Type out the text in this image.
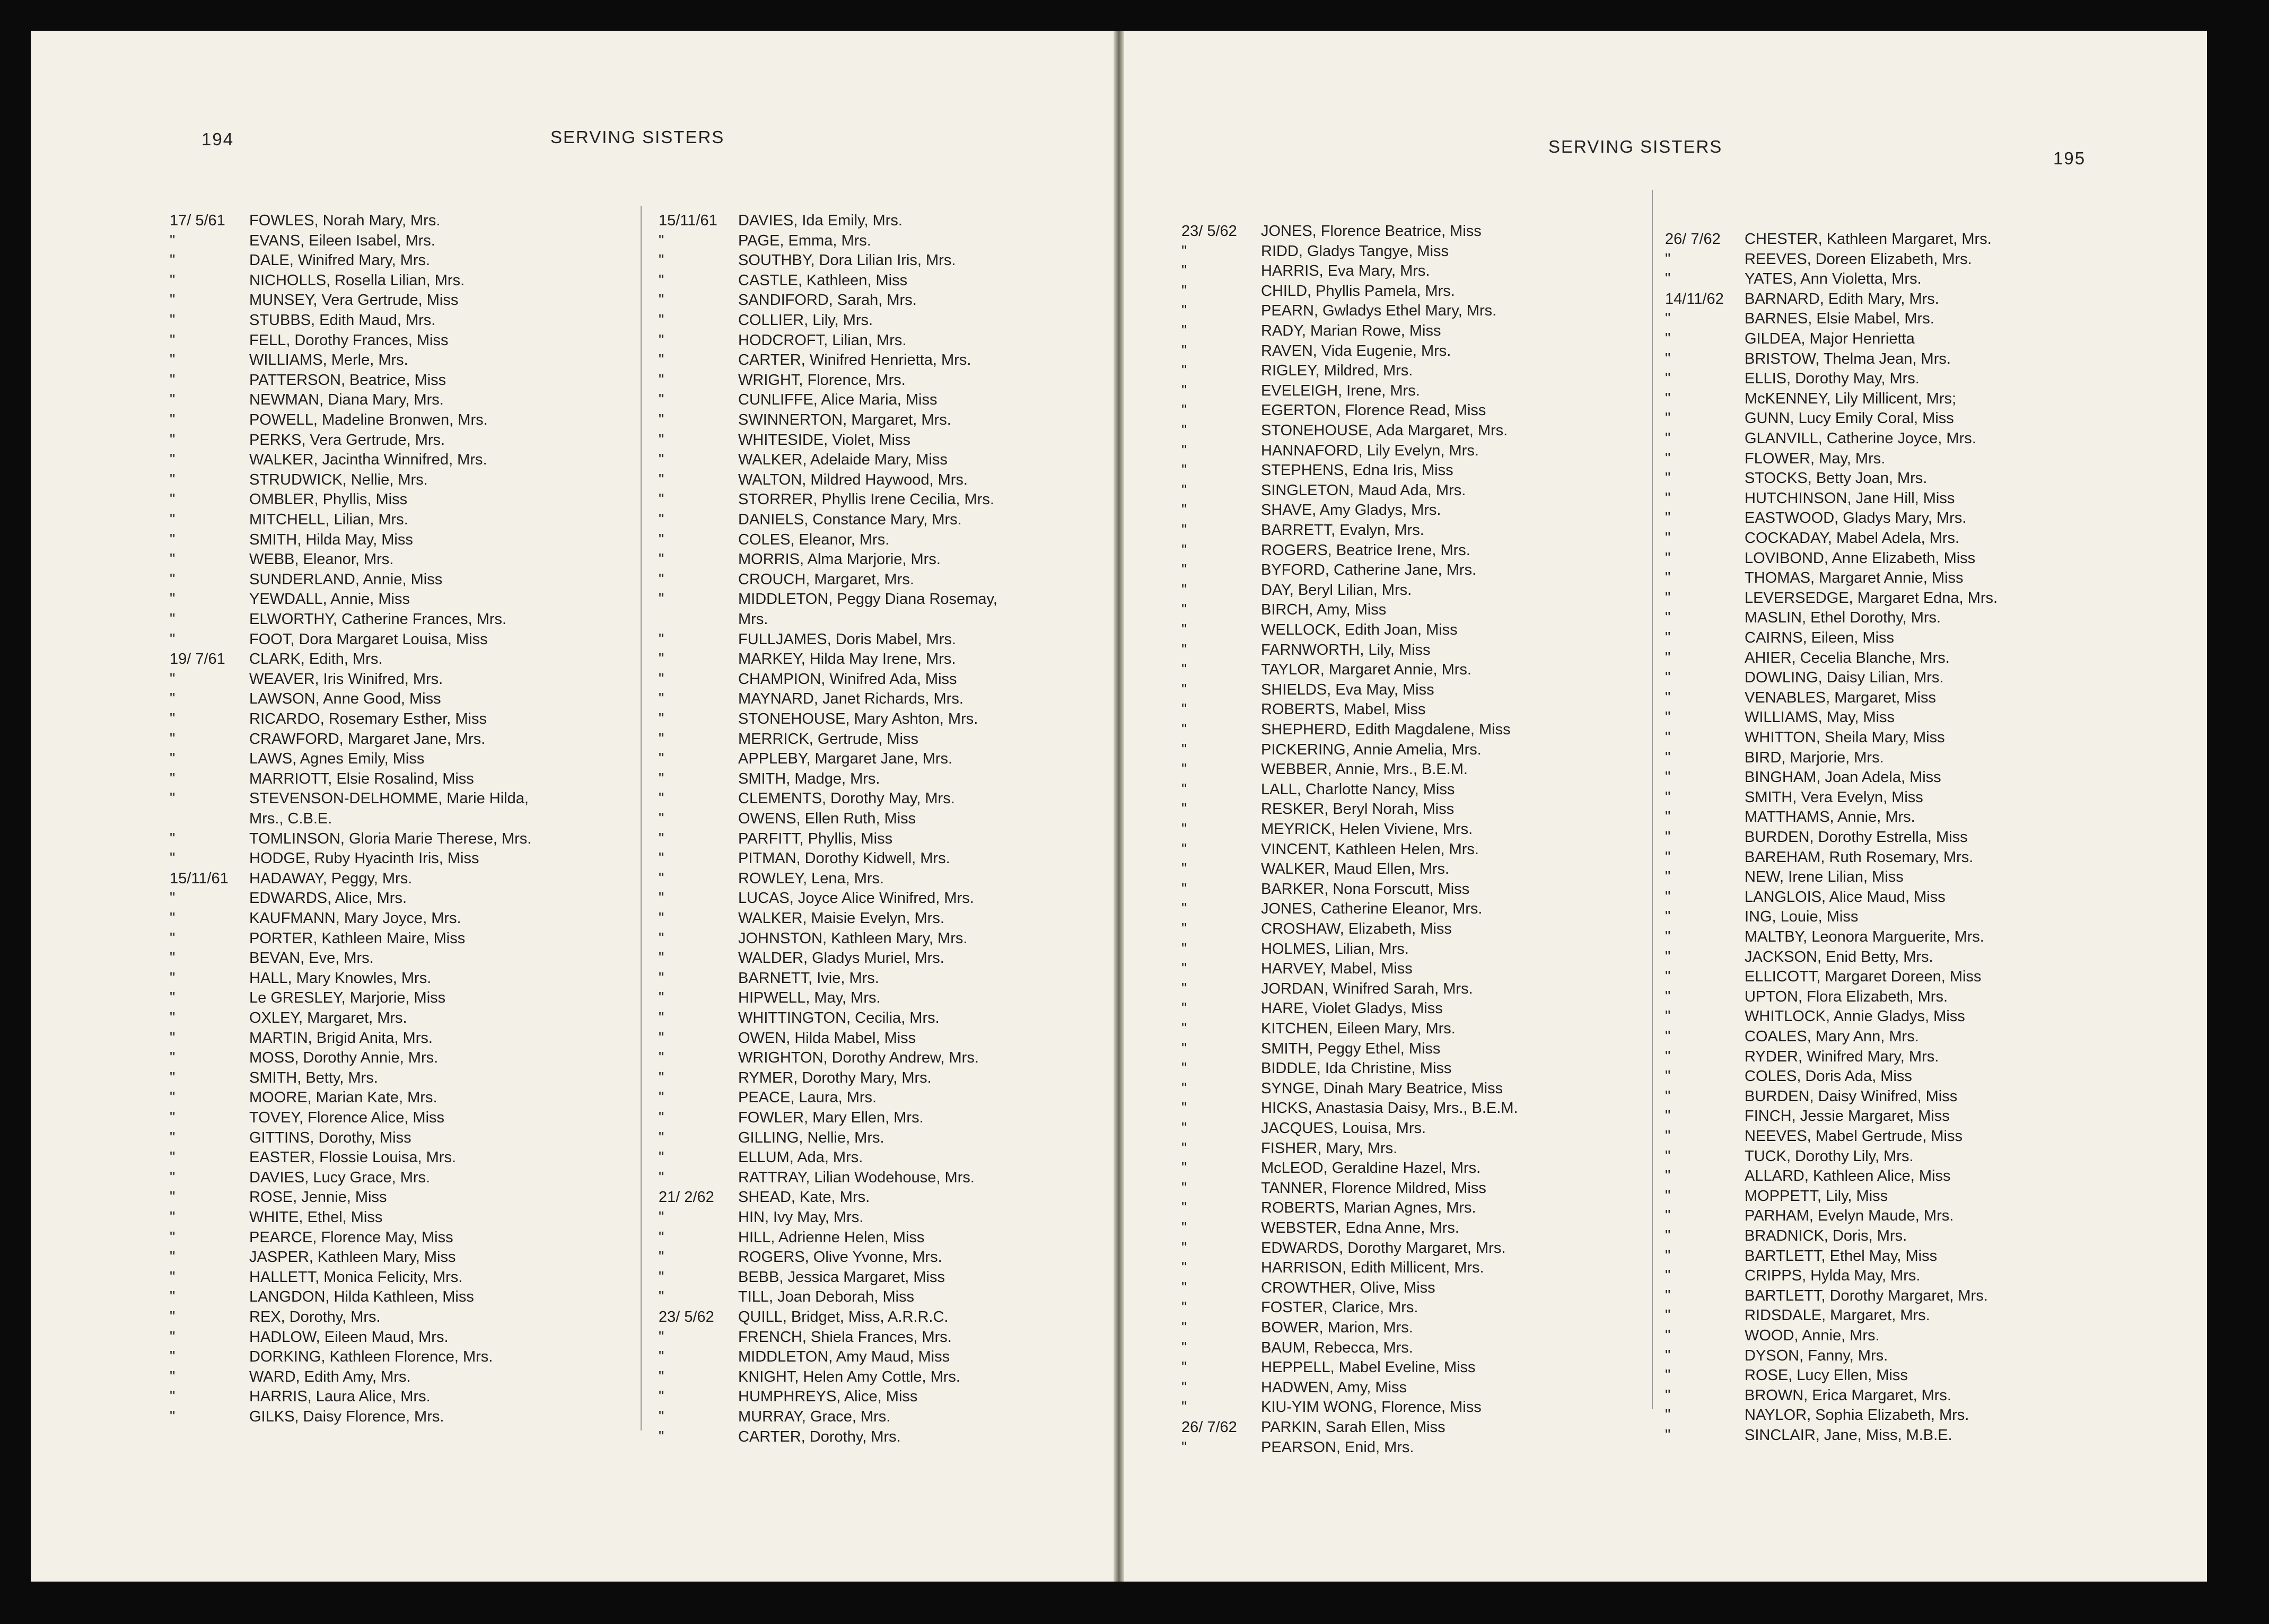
194	SERVING SISTERS
17/ 5/61 FOWLES, Norah Mary, Mrs.
"	EVANS, Eileen Isabel, Mrs.
"	DALE, Winifred Mary, Mrs.
"	NICHOLLS, Rosella Lilian, Mrs.
"	MUNSEY, Vera Gertrude, Miss
"	STUBBS, Edith Maud, Mrs.
"	FELL, Dorothy Frances, Miss
"	WILLIAMS, Merle, Mrs.
"	PATTERSON, Beatrice, Miss
"	NEWMAN, Diana Mary, Mrs.
"	POWELL, Madeline Bronwen, Mrs.
"	PERKS, Vera Gertrude, Mrs.
"	WALKER, Jacintha Winnifred, Mrs.
"	STRUDWICK, Nellie, Mrs.
"	OMBLER, Phyllis, Miss
"	MITCHELL, Lilian, Mrs.
"	SMITH, Hilda May, Miss
"	WEBB, Eleanor, Mrs.
"	SUNDERLAND, Annie, Miss
"	YEWDALL, Annie, Miss
"	ELWORTHY, Catherine Frances, Mrs.
"	FOOT, Dora Margaret Louisa, Miss
19/ 7/61 CLARK, Edith, Mrs.
"	WEAVER, Iris Winifred, Mrs.
"	LAWSON, Anne Good, Miss
"	RICARDO, Rosemary Esther, Miss
"	CRAWFORD, Margaret Jane, Mrs.
"	LAWS, Agnes Emily, Miss
"	MARRIOTT, Elsie Rosalind, Miss
"	STEVENSON-DELHOMME, Marie Hilda,
Mrs., C.B.E.
"	TOMLINSON, Gloria Marie Therese, Mrs.
"	HODGE, Ruby Hyacinth Iris, Miss
15/11/61 HADAWAY, Peggy, Mrs.
"	EDWARDS, Alice, Mrs.
"	KAUFMANN, Mary Joyce, Mrs.
"	PORTER, Kathleen Maire, Miss
"	BEVAN, Eve, Mrs.
"	HALL, Mary Knowles, Mrs.
"	Le GRESLEY, Marjorie, Miss
"	OXLEY, Margaret, Mrs.
"	MARTIN, Brigid Anita, Mrs.
"	MOSS, Dorothy Annie, Mrs.
"	SMITH, Betty, Mrs.
"	MOORE, Marian Kate, Mrs.
"	TOVEY, Florence Alice, Miss
"	GITTINS, Dorothy, Miss
"	EASTER, Flossie Louisa, Mrs.
"	DAVIES, Lucy Grace, Mrs.
"	ROSE, Jennie, Miss
"	WHITE, Ethel, Miss
"	PEARCE, Florence May, Miss
"	JASPER, Kathleen Mary, Miss
"	HALLETT, Monica Felicity, Mrs.
"	LANGDON, Hilda Kathleen, Miss
"	REX, Dorothy, Mrs.
"	HADLOW, Eileen Maud, Mrs.
"	DORKING, Kathleen Florence, Mrs.
"	WARD, Edith Amy, Mrs.
"	HARRIS, Laura Alice, Mrs.
"	GILKS, Daisy Florence, Mrs.
15/11/61 DAVIES, Ida Emily, Mrs.
"	PAGE, Emma, Mrs.
"	SOUTHBY, Dora Lilian Iris, Mrs.
"	CASTLE, Kathleen, Miss
"	SANDIFORD, Sarah, Mrs.
"	COLLIER, Lily, Mrs.
"	HODCROFT, Lilian, Mrs.
"	CARTER, Winifred Henrietta, Mrs.
"	WRIGHT, Florence, Mrs.
"	CUNLIFFE, Alice Maria, Miss
"	SWINNERTON, Margaret, Mrs.
"	WHITESIDE, Violet, Miss
"	WALKER, Adelaide Mary, Miss
"	WALTON, Mildred Haywood, Mrs.
"	STORRER, Phyllis Irene Cecilia, Mrs.
"	DANIELS, Constance Mary, Mrs.
"	COLES, Eleanor, Mrs.
"	MORRIS, Alma Marjorie, Mrs.
"	CROUCH, Margaret, Mrs.
"	MIDDLETON, Peggy Diana Rosemay,
Mrs.
"	FULLJAMES, Doris Mabel, Mrs.
"	MARKEY, Hilda May Irene, Mrs.
"	CHAMPION, Winifred Ada, Miss
"	MAYNARD, Janet Richards, Mrs.
"	STONEHOUSE, Mary Ashton, Mrs.
"	MERRICK, Gertrude, Miss
"	APPLEBY, Margaret Jane, Mrs.
"	SMITH, Madge, Mrs.
"	CLEMENTS, Dorothy May, Mrs.
"	OWENS, Ellen Ruth, Miss
"	PARFITT, Phyllis, Miss
"	PITMAN, Dorothy Kidwell, Mrs.
"	ROWLEY, Lena, Mrs.
"	LUCAS, Joyce Alice Winifred, Mrs.
"	WALKER, Maisie Evelyn, Mrs.
"	JOHNSTON, Kathleen Mary, Mrs.
"	WALDER, Gladys Muriel, Mrs.
"	BARNETT, Ivie, Mrs.
"	HIPWELL, May, Mrs.
"	WHITTINGTON, Cecilia, Mrs.
"	OWEN, Hilda Mabel, Miss
"	WRIGHTON, Dorothy Andrew, Mrs.
"	RYMER, Dorothy Mary, Mrs.
"	PEACE, Laura, Mrs.
"	FOWLER, Mary Ellen, Mrs.
"	GILLING, Nellie, Mrs.
"	ELLUM, Ada, Mrs.
"	RATTRAY, Lilian Wodehouse, Mrs.
21/ 2/62 SHEAD, Kate, Mrs.
"	HIN, Ivy May, Mrs.
"	HILL, Adrienne Helen, Miss
"	ROGERS, Olive Yvonne, Mrs.
"	BEBB, Jessica Margaret, Miss
"	TILL, Joan Deborah, Miss
23/ 5/62 QUILL, Bridget, Miss, A.R.R.C.
"	FRENCH, Shiela Frances, Mrs.
"	MIDDLETON, Amy Maud, Miss
"	KNIGHT, Helen Amy Cottle, Mrs.
"	HUMPHREYS, Alice, Miss
"	MURRAY, Grace, Mrs.
"	CARTER, Dorothy, Mrs.
195
SERVING SISTERS
23/ 5/62 JONES, Florence Beatrice, Miss
"	RIDD, Gladys Tangye, Miss
"	HARRIS, Eva Mary, Mrs.
"	CHILD, Phyllis Pamela, Mrs.
"	PEARN, Gwladys Ethel Mary, Mrs.
"	RADY, Marian Rowe, Miss
"	RAVEN, Vida Eugenie, Mrs.
"	RIGLEY, Mildred, Mrs.
"	EVELEIGH, Irene, Mrs.
"	EGERTON, Florence Read, Miss
"	STONEHOUSE, Ada Margaret, Mrs.
"	HANNAFORD, Lily Evelyn, Mrs.
"	STEPHENS, Edna Iris, Miss
"	SINGLETON, Maud Ada, Mrs.
"	SHAVE, Amy Gladys, Mrs.
"	BARRETT, Evalyn, Mrs.
"	ROGERS, Beatrice Irene, Mrs.
"	BYFORD, Catherine Jane, Mrs.
"	DAY, Beryl Lilian, Mrs.
"	BIRCH, Amy, Miss
"	WELLOCK, Edith Joan, Miss
"	FARNWORTH, Lily, Miss
"	TAYLOR, Margaret Annie, Mrs.
"	SHIELDS, Eva May, Miss
"	ROBERTS, Mabel, Miss
"	SHEPHERD, Edith Magdalene, Miss
"	PICKERING, Annie Amelia, Mrs.
"	WEBBER, Annie, Mrs., B.E.M.
"	LALL, Charlotte Nancy, Miss
"	RESKER, Beryl Norah, Miss
"	MEYRICK, Helen Viviene, Mrs.
"	VINCENT, Kathleen Helen, Mrs.
"	WALKER, Maud Ellen, Mrs.
"	BARKER, Nona Forscutt, Miss
"	JONES, Catherine Eleanor, Mrs.
"	CROSHAW, Elizabeth, Miss
"	HOLMES, Lilian, Mrs.
"	HARVEY, Mabel, Miss
"	JORDAN, Winifred Sarah, Mrs.
"	HARE, Violet Gladys, Miss
"	KITCHEN, Eileen Mary, Mrs.
"	SMITH, Peggy Ethel, Miss
"	BIDDLE, Ida Christine, Miss
"	SYNGE, Dinah Mary Beatrice, Miss
"	HICKS, Anastasia Daisy, Mrs., B.E.M.
"	JACQUES, Louisa, Mrs.
"	FISHER, Mary, Mrs.
"	McLEOD, Geraldine Hazel, Mrs.
"	TANNER, Florence Mildred, Miss
"	ROBERTS, Marian Agnes, Mrs.
"	WEBSTER, Edna Anne, Mrs.
"	EDWARDS, Dorothy Margaret, Mrs.
"	HARRISON, Edith Millicent, Mrs.
"	CROWTHER, Olive, Miss
"	FOSTER, Clarice, Mrs.
"	BOWER, Marion, Mrs.
"	BAUM, Rebecca, Mrs.
"	HEPPELL, Mabel Eveline, Miss
"	HADWEN, Amy, Miss
"	KIU-YIM WONG, Florence, Miss
26/ 7/62 PARKIN, Sarah Ellen, Miss
"	PEARSON, Enid, Mrs.
26/ 7/62 CHESTER, Kathleen Margaret, Mrs.
"	REEVES, Doreen Elizabeth, Mrs.
"	YATES, Ann Violetta, Mrs.
14/11/62 BARNARD, Edith Mary, Mrs.
"	BARNES, Elsie Mabel, Mrs.
"	GILDEA, Major Henrietta
"	BRISTOW, Thelma Jean, Mrs.
"	ELLIS, Dorothy May, Mrs.
"	McKENNEY, Lily Millicent, Mrs;
"	GUNN, Lucy Emily Coral, Miss
"	GLANVILL, Catherine Joyce, Mrs.
"	FLOWER, May, Mrs.
"	STOCKS, Betty Joan, Mrs.
"	HUTCHINSON, Jane Hill, Miss
"	EASTWOOD, Gladys Mary, Mrs.
"	COCKADAY, Mabel Adela, Mrs.
"	LOVIBOND, Anne Elizabeth, Miss
"	THOMAS, Margaret Annie, Miss
"	LEVERSEDGE, Margaret Edna, Mrs.
"	MASLIN, Ethel Dorothy, Mrs.
"	CAIRNS, Eileen, Miss
"	AHIER, Cecelia Blanche, Mrs.
"	DOWLING, Daisy Lilian, Mrs.
"	VENABLES, Margaret, Miss
"	WILLIAMS, May, Miss
"	WHITTON, Sheila Mary, Miss
"	BIRD, Marjorie, Mrs.
"	BINGHAM, Joan Adela, Miss
"	SMITH, Vera Evelyn, Miss
"	MATTHAMS, Annie, Mrs.
"	BURDEN, Dorothy Estrella, Miss
"	BAREHAM, Ruth Rosemary, Mrs.
"	NEW, Irene Lilian, Miss
"	LANGLOIS, Alice Maud, Miss
"	ING, Louie, Miss
"	MALTBY, Leonora Marguerite, Mrs.
"	JACKSON, Enid Betty, Mrs.
"	ELLICOTT, Margaret Doreen, Miss
"	UPTON, Flora Elizabeth, Mrs.
"	WHITLOCK, Annie Gladys, Miss
"	COALES, Mary Ann, Mrs.
"	RYDER, Winifred Mary, Mrs.
"	COLES, Doris Ada, Miss
"	BURDEN, Daisy Winifred, Miss
"	FINCH, Jessie Margaret, Miss
"	NEEVES, Mabel Gertrude, Miss
"	TUCK, Dorothy Lily, Mrs.
"	ALLARD, Kathleen Alice, Miss
"	MOPPETT, Lily, Miss
"	PARHAM, Evelyn Maude, Mrs.
"	BRADNICK, Doris, Mrs.
"	BARTLETT, Ethel May, Miss
"	CRIPPS, Hylda May, Mrs.
"	BARTLETT, Dorothy Margaret, Mrs.
"	RIDSDALE, Margaret, Mrs.
"	WOOD, Annie, Mrs.
"	DYSON, Fanny, Mrs.
"	ROSE, Lucy Ellen, Miss
"	BROWN, Erica Margaret, Mrs.
"	NAYLOR, Sophia Elizabeth, Mrs.
"	SINCLAIR, Jane, Miss, M.B.E.
